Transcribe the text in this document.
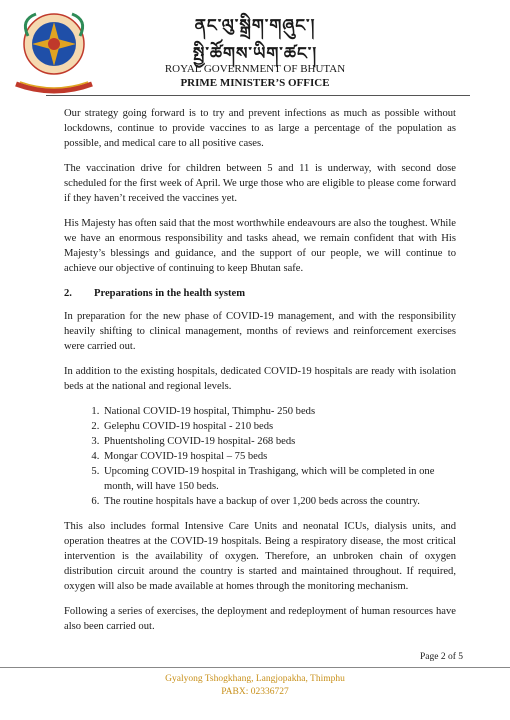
ནང་ལུ་སྒྲིག་གཞུང་།
སྤྱི་ཚོགས་ཡིག་ཚང་།
ROYAL GOVERNMENT OF BHUTAN
PRIME MINISTER’S OFFICE

Our strategy going forward is to try and prevent infections as much as possible without lockdowns, continue to provide vaccines to as large a percentage of the population as possible, and medical care to all positive cases.

The vaccination drive for children between 5 and 11 is underway, with second dose scheduled for the first week of April. We urge those who are eligible to please come forward if they haven’t received the vaccines yet.

His Majesty has often said that the most worthwhile endeavours are also the toughest. While we have an enormous responsibility and tasks ahead, we remain confident that with His Majesty’s blessings and guidance, and the support of our people, we will continue to achieve our objective of continuing to keep Bhutan safe.

2.	Preparations in the health system

In preparation for the new phase of COVID-19 management, and with the responsibility heavily shifting to clinical management, months of reviews and reinforcement exercises were carried out.

In addition to the existing hospitals, dedicated COVID-19 hospitals are ready with isolation beds at the national and regional levels.

1. National COVID-19 hospital, Thimphu- 250 beds
2. Gelephu COVID-19 hospital - 210 beds
3. Phuentsholing COVID-19 hospital- 268 beds
4. Mongar COVID-19 hospital – 75 beds
5. Upcoming COVID-19 hospital in Trashigang, which will be completed in one month, will have 150 beds.
6. The routine hospitals have a backup of over 1,200 beds across the country.

This also includes formal Intensive Care Units and neonatal ICUs, dialysis units, and operation theatres at the COVID-19 hospitals. Being a respiratory disease, the most critical intervention is the availability of oxygen. Therefore, an unbroken chain of oxygen distribution circuit around the country is started and maintained throughout. If required, oxygen will also be made available at homes through the monitoring mechanism.

Following a series of exercises, the deployment and redeployment of human resources have also been carried out.

Page 2 of 5
Gyalyong Tshogkhang, Langjopakha, Thimphu
PABX: 02336727
